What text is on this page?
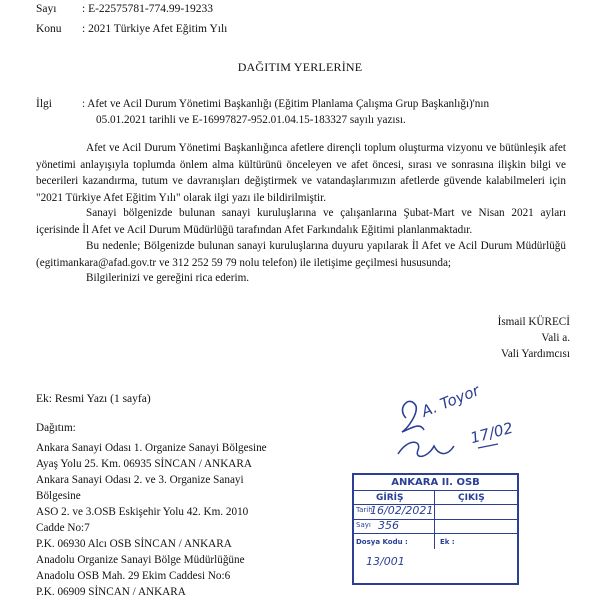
Sayı : E-22575781-774.99-19233
Konu : 2021 Türkiye Afet Eğitim Yılı
DAĞITIM YERLERİNE
İlgi	: Afet ve Acil Durum Yönetimi Başkanlığı (Eğitim Planlama Çalışma Grup Başkanlığı)'nın
05.01.2021 tarihli ve E-16997827-952.01.04.15-183327 sayılı yazısı.
Afet ve Acil Durum Yönetimi Başkanlığınca afetlere dirençli toplum oluşturma vizyonu ve bütünleşik afet yönetimi anlayışıyla toplumda önlem alma kültürünü önceleyen ve afet öncesi, sırası ve sonrasına ilişkin bilgi ve becerileri kazandırma, tutum ve davranışları değiştirmek ve vatandaşlarımızın afetlerde güvende kalabilmeleri için "2021 Türkiye Afet Eğitim Yılı" olarak ilgi yazı ile bildirilmiştir.
Sanayi bölgenizde bulunan sanayi kuruluşlarına ve çalışanlarına Şubat-Mart ve Nisan 2021 ayları içerisinde İl Afet ve Acil Durum Müdürlüğü tarafından Afet Farkındalık Eğitimi planlanmaktadır.
Bu nedenle; Bölgenizde bulunan sanayi kuruluşlarına duyuru yapılarak İl Afet ve Acil Durum Müdürlüğü (egitimankara@afad.gov.tr ve 312 252 59 79 nolu telefon) ile iletişime geçilmesi hususunda;
Bilgilerinizi ve gereğini rica ederim.
İsmail KÜRECİ
Vali a.
Vali Yardımcısı
Ek: Resmi Yazı (1 sayfa)
Dağıtım:
Ankara Sanayi Odası 1. Organize Sanayi Bölgesine
Ayaş Yolu 25. Km. 06935 SİNCAN / ANKARA
Ankara Sanayi Odası 2. ve 3. Organize Sanayi
Bölgesine
ASO 2. ve 3.OSB Eskişehir Yolu 42. Km. 2010
Cadde No:7
P.K. 06930 Alcı OSB SİNCAN / ANKARA
Anadolu Organize Sanayi Bölge Müdürlüğüne
Anadolu OSB Mah. 29 Ekim Caddesi No:6
P.K. 06909 SİNCAN / ANKARA
A. Toyor
17/02
ANKARA II. OSB
GİRİŞ	ÇIKIŞ
Tarih
16/02/2021
Sayı 356
Dosya Kodu :	Ek :
13/001
